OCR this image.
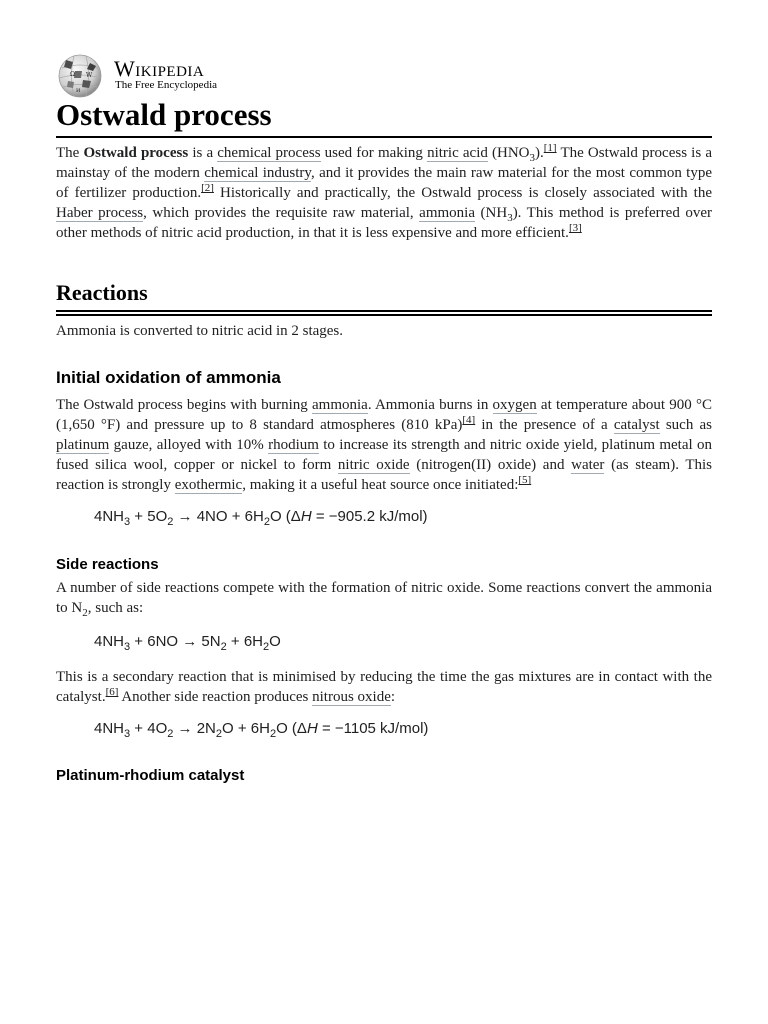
Ω W
И
Wikipedia
The Free Encyclopedia
Ostwald process

The Ostwald process is a chemical process used for making nitric acid $(HNO_3).[1]$ The Ostwald process is a mainstay of the modern chemical industry, and it provides the main raw material for the most common type of fertilizer production.[2] Historically and practically, the Ostwald process is closely associated with the Haber process, which provides the requisite raw material, ammonia $(NH_3)$. This method is preferred over other methods of nitric acid production, in that it is less expensive and more efficient.[3]

Reactions

Ammonia is converted to nitric acid in 2 stages.

Initial oxidation of ammonia

The Ostwald process begins with burning ammonia. Ammonia burns in oxygen at temperature about 900 °C (1,650 °F) and pressure up to 8 standard atmospheres (810 kPa)[4] in the presence of a catalyst such as platinum gauze, alloyed with 10% rhodium to increase its strength and nitric oxide yield, platinum metal on fused silica wool, copper or nickel to form nitric oxide (nitrogen(II) oxide) and water (as steam). This reaction is strongly exothermic, making it a useful heat source once initiated:[5]

$4NH_3 + 5O_2 \to 4NO + 6H_2O$ (ΔH = −905.2 kJ/mol)
Side reactions

A number of side reactions compete with the formation of nitric oxide. Some reactions convert the ammonia to $N_2$, such as:

$4NH_3 + 6NO \to 5N_2 + 6H_2O$

This is a secondary reaction that is minimised by reducing the time the gas mixtures are in contact with the catalyst.[6] Another side reaction produces nitrous oxide:

$4NH_3 + 4O_2 \to 2N_2O + 6H_2O$ (ΔH = −1105 kJ/mol)
Platinum-rhodium catalyst
